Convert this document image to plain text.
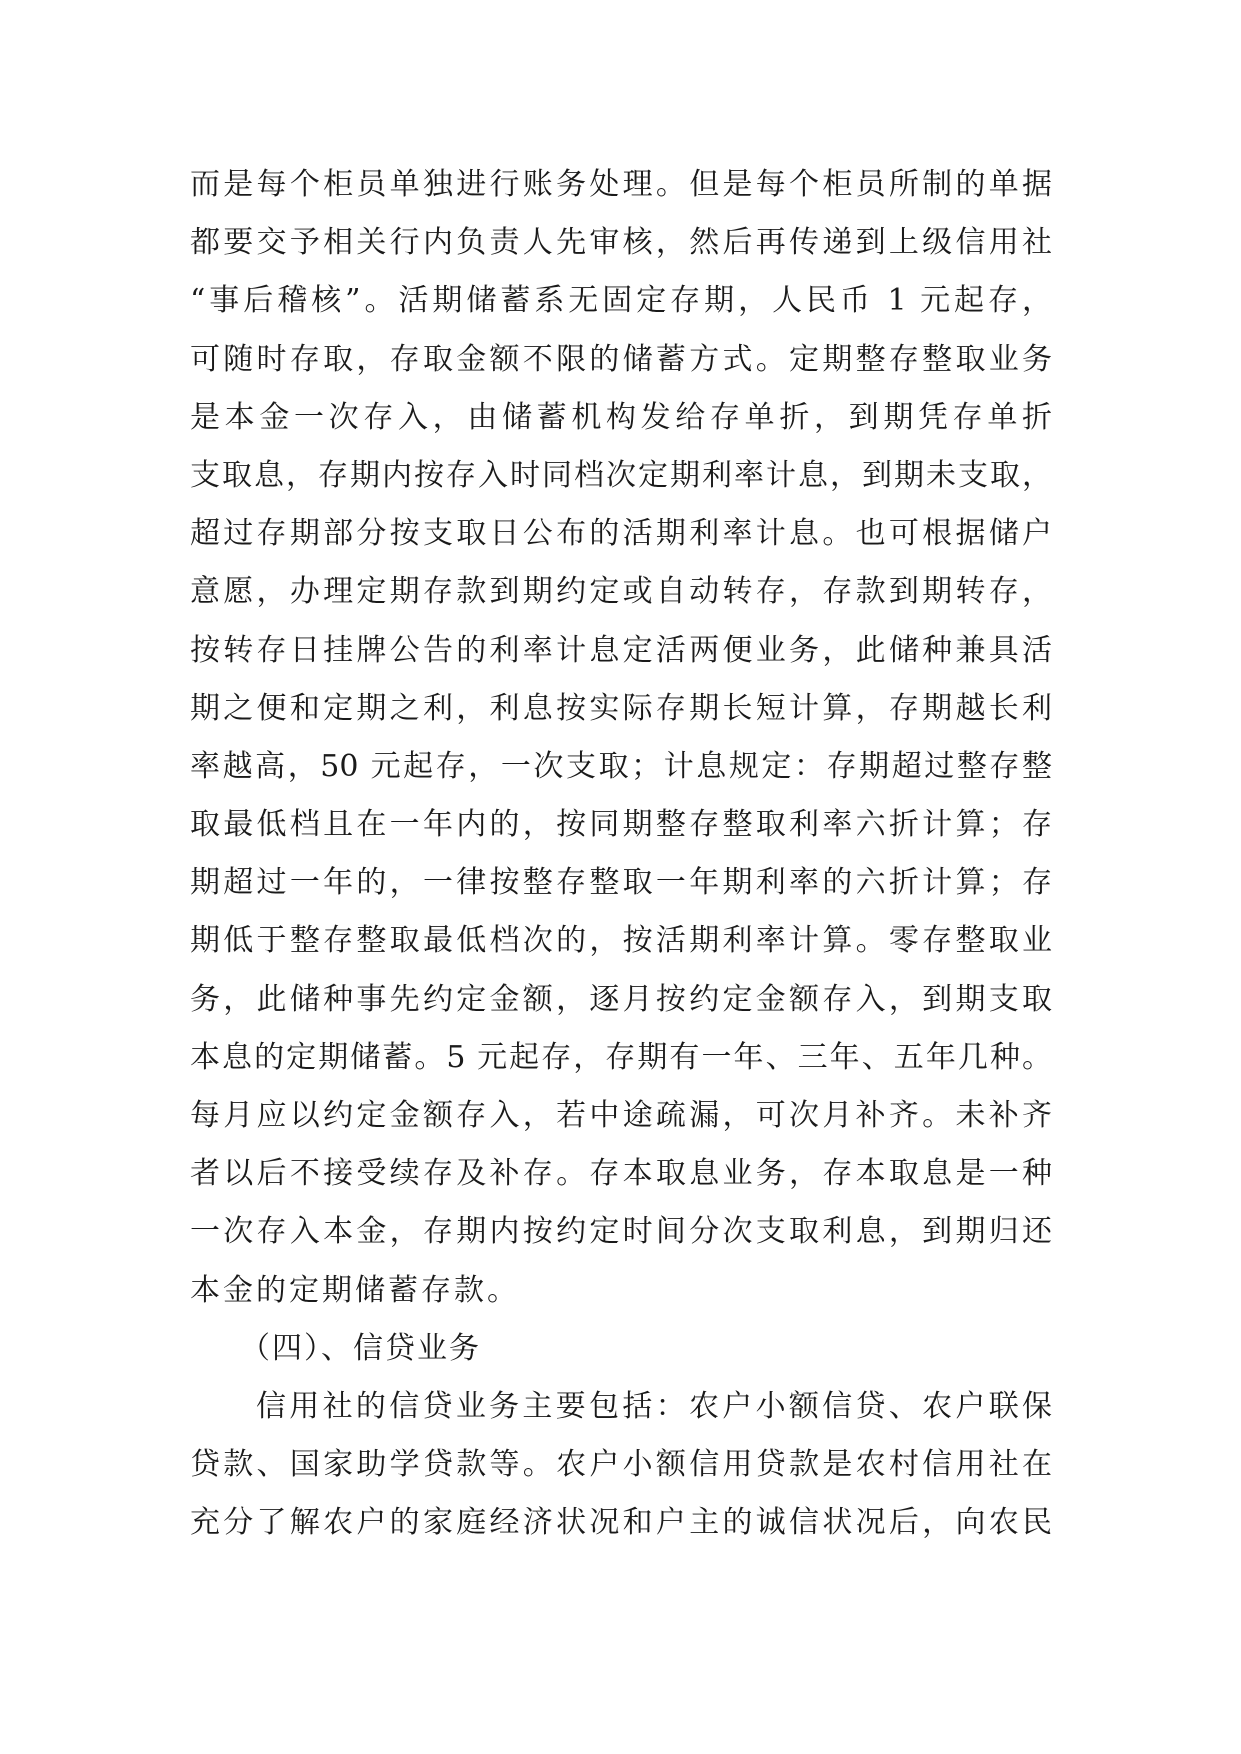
而是每个柜员单独进行账务处理。但是每个柜员所制的单据
都要交予相关行内负责人先审核，然后再传递到上级信用社
“事后稽核”。活期储蓄系无固定存期，人民币 1 元起存，
可随时存取，存取金额不限的储蓄方式。定期整存整取业务
是本金一次存入，由储蓄机构发给存单折，到期凭存单折
支取息，存期内按存入时同档次定期利率计息，到期未支取，
超过存期部分按支取日公布的活期利率计息。也可根据储户
意愿，办理定期存款到期约定或自动转存，存款到期转存，
按转存日挂牌公告的利率计息定活两便业务，此储种兼具活
期之便和定期之利，利息按实际存期长短计算，存期越长利
率越高，50 元起存，一次支取；计息规定：存期超过整存整
取最低档且在一年内的，按同期整存整取利率六折计算；存
期超过一年的，一律按整存整取一年期利率的六折计算；存
期低于整存整取最低档次的，按活期利率计算。零存整取业
务，此储种事先约定金额，逐月按约定金额存入，到期支取
本息的定期储蓄。5 元起存，存期有一年、三年、五年几种。
每月应以约定金额存入，若中途疏漏，可次月补齐。未补齐
者以后不接受续存及补存。存本取息业务，存本取息是一种
一次存入本金，存期内按约定时间分次支取利息，到期归还
本金的定期储蓄存款。
（四）、信贷业务
信用社的信贷业务主要包括：农户小额信贷、农户联保
贷款、国家助学贷款等。农户小额信用贷款是农村信用社在
充分了解农户的家庭经济状况和户主的诚信状况后，向农民
